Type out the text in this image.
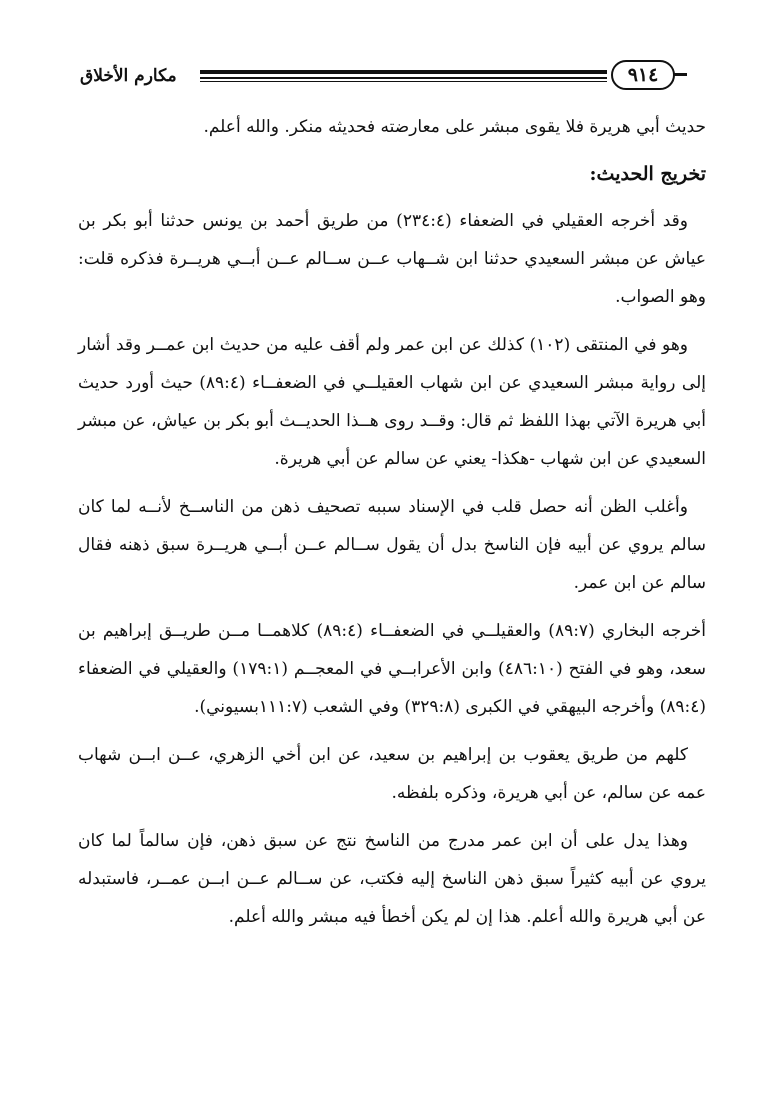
مكارم الأخلاق	٩١٤

حديث أبي هريرة فلا يقوى مبشر على معارضته فحديثه منكر. والله أعلم.

تخريج الحديث:

وقد أخرجه العقيلي في الضعفاء (٢٣٤:٤) من طريق أحمد بن يونس حدثنا أبو بكر بن عياش عن مبشر السعيدي حدثنا ابن شــهاب عــن ســالم عــن أبــي هريــرة فذكره قلت: وهو الصواب.

وهو في المنتقى (١٠٢) كذلك عن ابن عمر ولم أقف عليه من حديث ابن عمــر وقد أشار إلى رواية مبشر السعيدي عن ابن شهاب العقيلــي في الضعفــاء (٨٩:٤) حيث أورد حديث أبي هريرة الآتي بهذا اللفظ ثم قال: وقــد روى هــذا الحديــث أبو بكر بن عياش، عن مبشر السعيدي عن ابن شهاب -هكذا- يعني عن سالم عن أبي هريرة.

وأغلب الظن أنه حصل قلب في الإسناد سببه تصحيف ذهن من الناســخ لأنــه لما كان سالم يروي عن أبيه فإن الناسخ بدل أن يقول ســالم عــن أبــي هريــرة سبق ذهنه فقال سالم عن ابن عمر.

أخرجه البخاري (٨٩:٧) والعقيلــي في الضعفــاء (٨٩:٤) كلاهمــا مــن طريــق إبراهيم بن سعد، وهو في الفتح (٤٨٦:١٠) وابن الأعرابــي في المعجــم (١٧٩:١) والعقيلي في الضعفاء (٨٩:٤) وأخرجه البيهقي في الكبرى (٣٢٩:٨) وفي الشعب (١١١:٧بسيوني).

كلهم من طريق يعقوب بن إبراهيم بن سعيد، عن ابن أخي الزهري، عــن ابــن شهاب عمه عن سالم، عن أبي هريرة، وذكره بلفظه.

وهذا يدل على أن ابن عمر مدرج من الناسخ نتج عن سبق ذهن، فإن سالماً لما كان يروي عن أبيه كثيراً سبق ذهن الناسخ إليه فكتب، عن ســالم عــن ابــن عمــر، فاستبدله عن أبي هريرة والله أعلم. هذا إن لم يكن أخطأ فيه مبشر والله أعلم.
